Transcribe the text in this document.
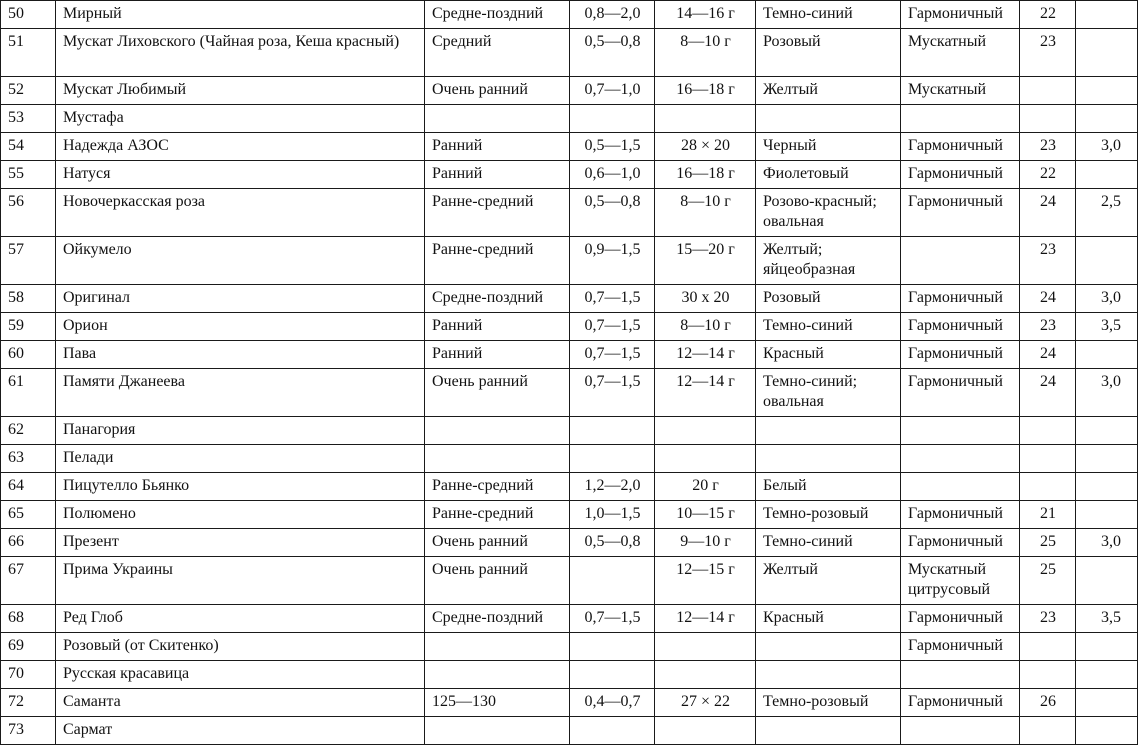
50	Мирный	Средне-поздний	0,8—2,0	14—16 г	Темно-синий	Гармоничный	22	
51	Мускат Лиховского (Чайная роза, Кеша красный)	Средний	0,5—0,8	8—10 г	Розовый	Мускатный	23	
52	Мускат Любимый	Очень ранний	0,7—1,0	16—18 г	Желтый	Мускатный		
53	Мустафа							
54	Надежда АЗОС	Ранний	0,5—1,5	28 × 20	Черный	Гармоничный	23	3,0
55	Натуся	Ранний	0,6—1,0	16—18 г	Фиолетовый	Гармоничный	22	
56	Новочеркасская роза	Ранне-средний	0,5—0,8	8—10 г	Розово-красный; овальная	Гармоничный	24	2,5
57	Ойкумело	Ранне-средний	0,9—1,5	15—20 г	Желтый; яйцеобразная		23	
58	Оригинал	Средне-поздний	0,7—1,5	30 х 20	Розовый	Гармоничный	24	3,0
59	Орион	Ранний	0,7—1,5	8—10 г	Темно-синий	Гармоничный	23	3,5
60	Пава	Ранний	0,7—1,5	12—14 г	Красный	Гармоничный	24	
61	Памяти Джанеева	Очень ранний	0,7—1,5	12—14 г	Темно-синий; овальная	Гармоничный	24	3,0
62	Панагория							
63	Пелади							
64	Пицутелло Бьянко	Ранне-средний	1,2—2,0	20 г	Белый			
65	Полюмено	Ранне-средний	1,0—1,5	10—15 г	Темно-розовый	Гармоничный	21	
66	Презент	Очень ранний	0,5—0,8	9—10 г	Темно-синий	Гармоничный	25	3,0
67	Прима Украины	Очень ранний		12—15 г	Желтый	Мускатный цитрусовый	25	
68	Ред Глоб	Средне-поздний	0,7—1,5	12—14 г	Красный	Гармоничный	23	3,5
69	Розовый (от Скитенко)					Гармоничный		
70	Русская красавица							
72	Саманта	125—130	0,4—0,7	27 × 22	Темно-розовый	Гармоничный	26	
73	Сармат							
